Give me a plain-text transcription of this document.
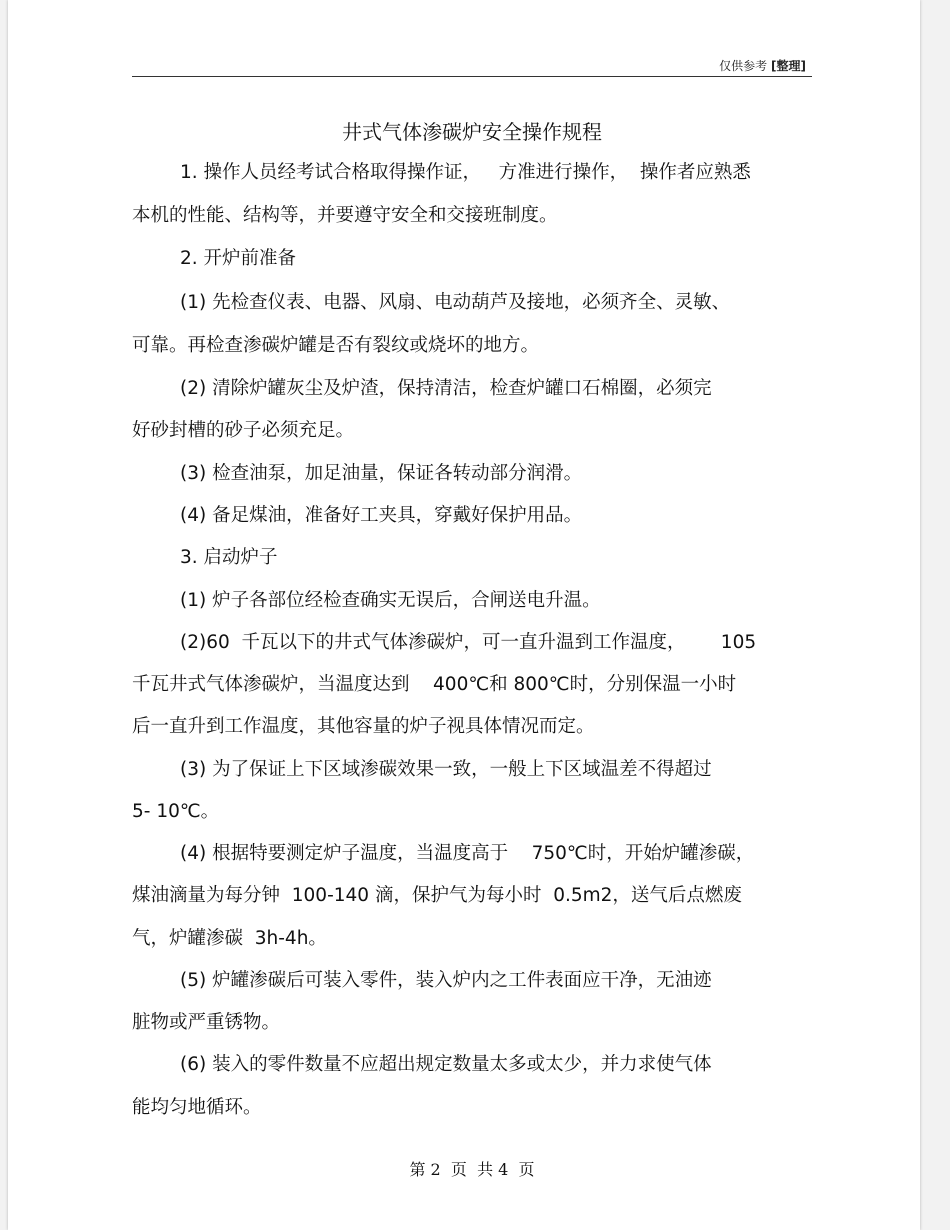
仅供参考 [整理]
井式气体渗碳炉安全操作规程
1. 操作人员经考试合格取得操作证，   方准进行操作，  操作者应熟悉
本机的性能、结构等，并要遵守安全和交接班制度。
2. 开炉前准备
(1) 先检查仪表、电器、风扇、电动葫芦及接地，必须齐全、灵敏、
可靠。再检查渗碳炉罐是否有裂纹或烧坏的地方。
(2) 清除炉罐灰尘及炉渣，保持清洁，检查炉罐口石棉圈，必须完
好砂封槽的砂子必须充足。
(3) 检查油泵，加足油量，保证各转动部分润滑。
(4) 备足煤油，准备好工夹具，穿戴好保护用品。
3. 启动炉子
(1) 炉子各部位经检查确实无误后，合闸送电升温。
(2)60  千瓦以下的井式气体渗碳炉，可一直升温到工作温度，      105
千瓦井式气体渗碳炉，当温度达到    400℃和 800℃时，分别保温一小时
后一直升到工作温度，其他容量的炉子视具体情况而定。
(3) 为了保证上下区域渗碳效果一致，一般上下区域温差不得超过
5- 10℃。
(4) 根据特要测定炉子温度，当温度高于    750℃时，开始炉罐渗碳，
煤油滴量为每分钟  100-140 滴，保护气为每小时  0.5m2，送气后点燃废
气，炉罐渗碳  3h-4h。
(5) 炉罐渗碳后可装入零件，装入炉内之工件表面应干净，无油迹
脏物或严重锈物。
(6) 装入的零件数量不应超出规定数量太多或太少，并力求使气体
能均匀地循环。
第 2  页  共 4  页
